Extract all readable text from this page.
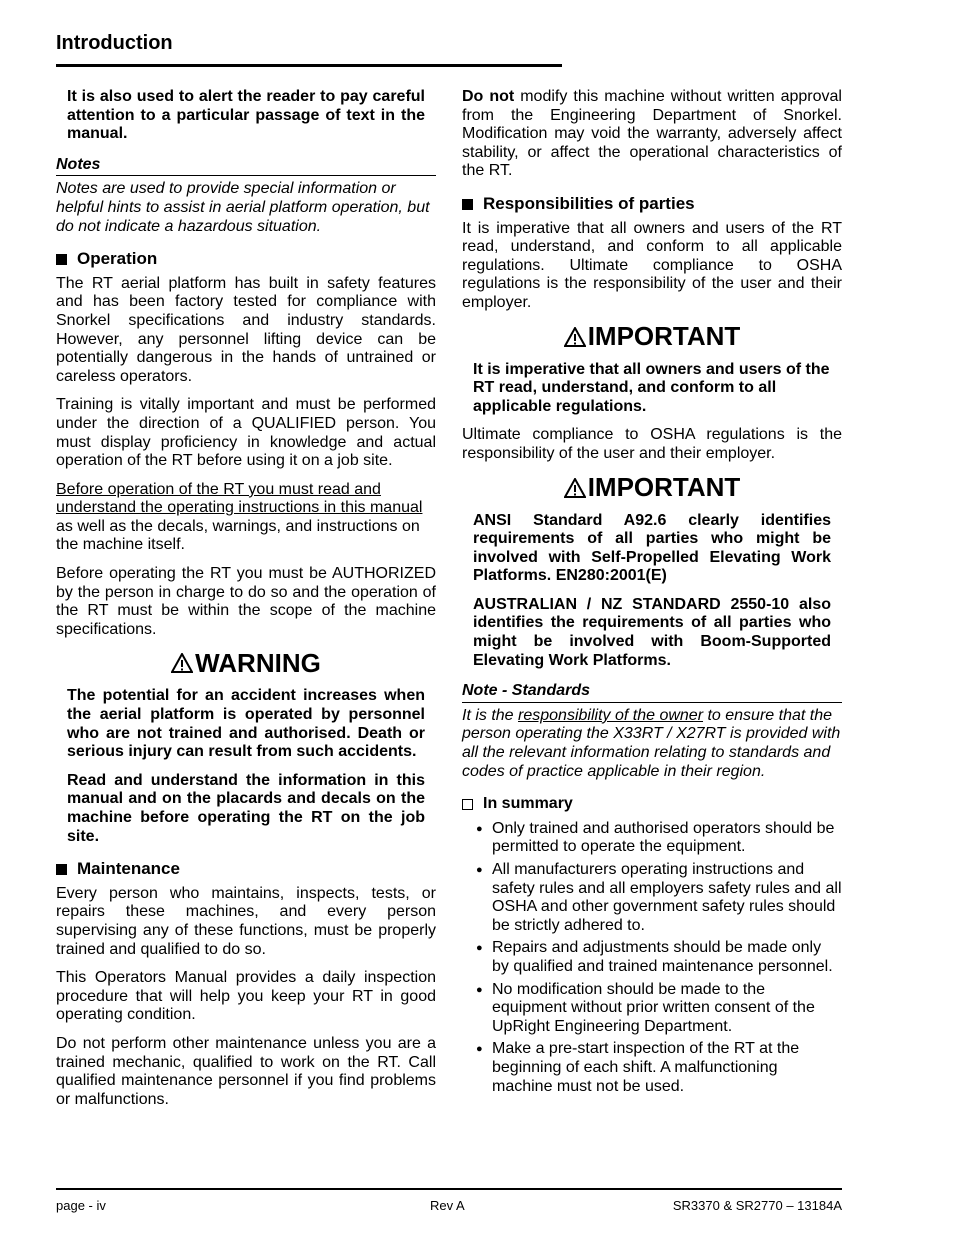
Introduction

It is also used to alert the reader to pay careful attention to a particular passage of text in the manual.

Notes

Notes are used to provide special information or helpful hints to assist in aerial platform operation, but do not indicate a hazardous situation.

Operation

The RT aerial platform has built in safety features and has been factory tested for compliance with Snorkel specifications and industry standards. However, any personnel lifting device can be potentially dangerous in the hands of untrained or careless operators.

Training is vitally important and must be performed under the direction of a QUALIFIED person. You must display proficiency in knowledge and actual operation of the RT before using it on a job site.

Before operation of the RT you must read and understand the operating instructions in this manual as well as the decals, warnings, and instructions on the machine itself.

Before operating the RT you must be AUTHORIZED by the person in charge to do so and the operation of the RT must be within the scope of the machine specifications.

WARNING

The potential for an accident increases when the aerial platform is operated by personnel who are not trained and authorised. Death or serious injury can result from such accidents.

Read and understand the information in this manual and on the placards and decals on the machine before operating the RT on the job site.

Maintenance

Every person who maintains, inspects, tests, or repairs these machines, and every person supervising any of these functions, must be properly trained and qualified to do so.

This Operators Manual provides a daily inspection procedure that will help you keep your RT in good operating condition.

Do not perform other maintenance unless you are a trained mechanic, qualified to work on the RT. Call qualified maintenance personnel if you find problems or malfunctions.

Do not modify this machine without written approval from the Engineering Department of Snorkel. Modification may void the warranty, adversely affect stability, or affect the operational characteristics of the RT.

Responsibilities of parties

It is imperative that all owners and users of the RT read, understand, and conform to all applicable regulations. Ultimate compliance to OSHA regulations is the responsibility of the user and their employer.

IMPORTANT

It is imperative that all owners and users of the RT read, understand, and conform to all applicable regulations.

Ultimate compliance to OSHA regulations is the responsibility of the user and their employer.

IMPORTANT

ANSI Standard A92.6 clearly identifies requirements of all parties who might be involved with Self-Propelled Elevating Work Platforms. EN280:2001(E)

AUSTRALIAN / NZ STANDARD 2550-10 also identifies the requirements of all parties who might be involved with Boom-Supported Elevating Work Platforms.

Note - Standards

It is the responsibility of the owner to ensure that the person operating the X33RT / X27RT is provided with all the relevant information relating to standards and codes of practice applicable in their region.

In summary
● Only trained and authorised operators should be permitted to operate the equipment.
● All manufacturers operating instructions and safety rules and all employers safety rules and all OSHA and other government safety rules should be strictly adhered to.
● Repairs and adjustments should be made only by qualified and trained maintenance personnel.
● No modification should be made to the equipment without prior written consent of the UpRight Engineering Department.
● Make a pre-start inspection of the RT at the beginning of each shift. A malfunctioning machine must not be used.
page - iv	Rev A	SR3370 & SR2770 – 13184A
